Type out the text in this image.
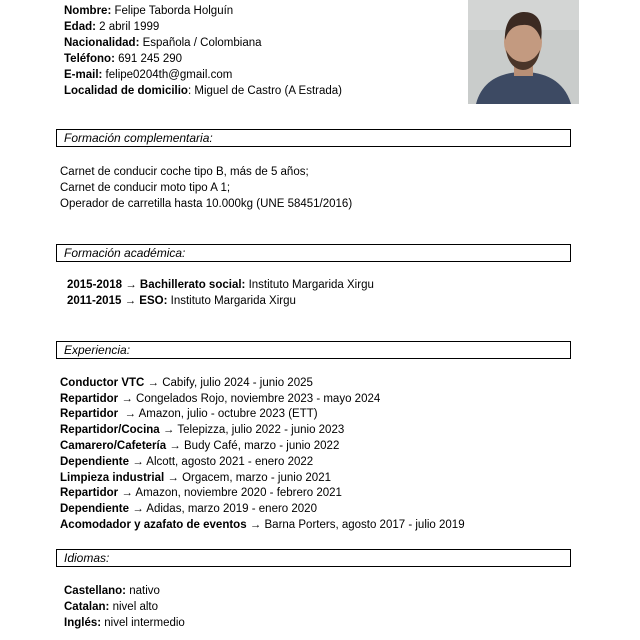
Nombre: Felipe Taborda Holguín
Edad: 2 abril 1999
Nacionalidad: Española / Colombiana
Teléfono: 691 245 290
E-mail: felipe0204th@gmail.com
Localidad de domicilio: Miguel de Castro (A Estrada)
Formación complementaria:
Carnet de conducir coche tipo B, más de 5 años;
Carnet de conducir moto tipo A 1;
Operador de carretilla hasta 10.000kg (UNE 58451/2016)
Formación académica:
2015-2018 → Bachillerato social: Instituto Margarida Xirgu
2011-2015 → ESO: Instituto Margarida Xirgu
Experiencia:
Conductor VTC → Cabify, julio 2024 - junio 2025
Repartidor → Congelados Rojo, noviembre 2023 - mayo 2024
Repartidor  → Amazon, julio - octubre 2023 (ETT)
Repartidor/Cocina → Telepizza, julio 2022 - junio 2023
Camarero/Cafetería → Budy Café, marzo - junio 2022
Dependiente → Alcott, agosto 2021 - enero 2022
Limpieza industrial → Orgacem, marzo - junio 2021
Repartidor → Amazon, noviembre 2020 - febrero 2021
Dependiente → Adidas, marzo 2019 - enero 2020
Acomodador y azafato de eventos → Barna Porters, agosto 2017 - julio 2019
Idiomas:
Castellano: nativo
Catalan: nivel alto
Inglés: nivel intermedio
